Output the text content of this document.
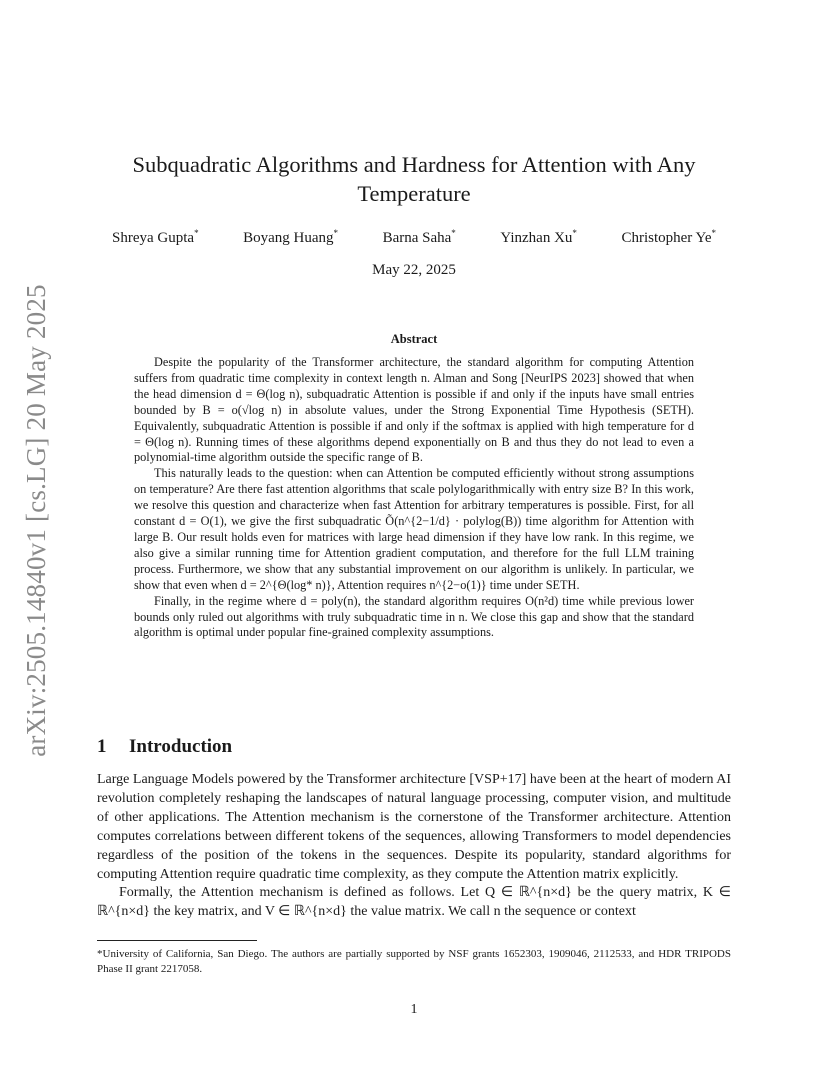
arXiv:2505.14840v1 [cs.LG] 20 May 2025
Subquadratic Algorithms and Hardness for Attention with Any Temperature
Shreya Gupta*	Boyang Huang*	Barna Saha*	Yinzhan Xu*	Christopher Ye*
May 22, 2025
Abstract

Despite the popularity of the Transformer architecture, the standard algorithm for computing Attention suffers from quadratic time complexity in context length n. Alman and Song [NeurIPS 2023] showed that when the head dimension d = Θ(log n), subquadratic Attention is possible if and only if the inputs have small entries bounded by B = o(√log n) in absolute values, under the Strong Exponential Time Hypothesis (SETH). Equivalently, subquadratic Attention is possible if and only if the softmax is applied with high temperature for d = Θ(log n). Running times of these algorithms depend exponentially on B and thus they do not lead to even a polynomial-time algorithm outside the specific range of B.

This naturally leads to the question: when can Attention be computed efficiently without strong assumptions on temperature? Are there fast attention algorithms that scale polylogarithmically with entry size B? In this work, we resolve this question and characterize when fast Attention for arbitrary temperatures is possible. First, for all constant d = O(1), we give the first subquadratic Õ(n^{2−1/d} · polylog(B)) time algorithm for Attention with large B. Our result holds even for matrices with large head dimension if they have low rank. In this regime, we also give a similar running time for Attention gradient computation, and therefore for the full LLM training process. Furthermore, we show that any substantial improvement on our algorithm is unlikely. In particular, we show that even when d = 2^{Θ(log* n)}, Attention requires n^{2−o(1)} time under SETH.

Finally, in the regime where d = poly(n), the standard algorithm requires O(n²d) time while previous lower bounds only ruled out algorithms with truly subquadratic time in n. We close this gap and show that the standard algorithm is optimal under popular fine-grained complexity assumptions.

1 Introduction

Large Language Models powered by the Transformer architecture [VSP+17] have been at the heart of modern AI revolution completely reshaping the landscapes of natural language processing, computer vision, and multitude of other applications. The Attention mechanism is the cornerstone of the Transformer architecture. Attention computes correlations between different tokens of the sequences, allowing Transformers to model dependencies regardless of the position of the tokens in the sequences. Despite its popularity, standard algorithms for computing Attention require quadratic time complexity, as they compute the Attention matrix explicitly.

Formally, the Attention mechanism is defined as follows. Let Q ∈ ℝ^{n×d} be the query matrix, K ∈ ℝ^{n×d} the key matrix, and V ∈ ℝ^{n×d} the value matrix. We call n the sequence or context

*University of California, San Diego. The authors are partially supported by NSF grants 1652303, 1909046, 2112533, and HDR TRIPODS Phase II grant 2217058.
1
